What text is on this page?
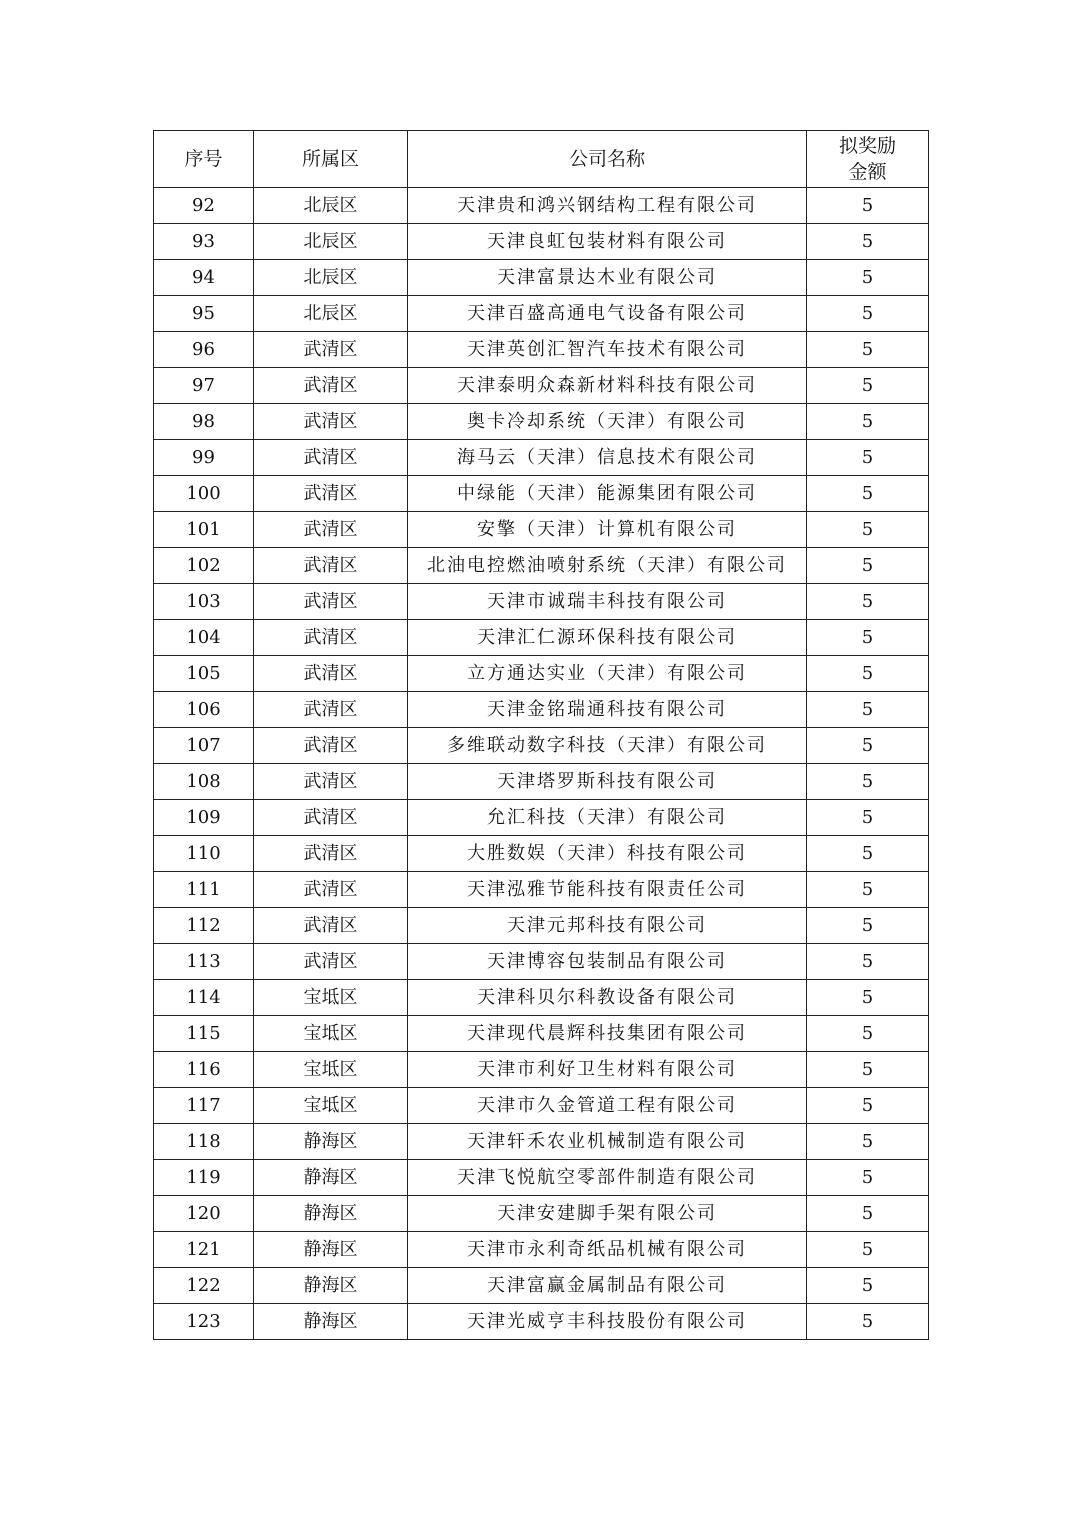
序号	所属区	公司名称	拟奖励
金额

92	北辰区	天津贵和鸿兴钢结构工程有限公司	5
93	北辰区	天津良虹包装材料有限公司	5
94	北辰区	天津富景达木业有限公司	5
95	北辰区	天津百盛高通电气设备有限公司	5
96	武清区	天津英创汇智汽车技术有限公司	5
97	武清区	天津泰明众森新材料科技有限公司	5
98	武清区	奥卡冷却系统（天津）有限公司	5
99	武清区	海马云（天津）信息技术有限公司	5
100	武清区	中绿能（天津）能源集团有限公司	5
101	武清区	安擎（天津）计算机有限公司	5
102	武清区	北油电控燃油喷射系统（天津）有限公司	5
103	武清区	天津市诚瑞丰科技有限公司	5
104	武清区	天津汇仁源环保科技有限公司	5
105	武清区	立方通达实业（天津）有限公司	5
106	武清区	天津金铭瑞通科技有限公司	5
107	武清区	多维联动数字科技（天津）有限公司	5
108	武清区	天津塔罗斯科技有限公司	5
109	武清区	允汇科技（天津）有限公司	5
110	武清区	大胜数娱（天津）科技有限公司	5
111	武清区	天津泓雅节能科技有限责任公司	5
112	武清区	天津元邦科技有限公司	5
113	武清区	天津博容包装制品有限公司	5
114	宝坻区	天津科贝尔科教设备有限公司	5
115	宝坻区	天津现代晨辉科技集团有限公司	5
116	宝坻区	天津市利好卫生材料有限公司	5
117	宝坻区	天津市久金管道工程有限公司	5
118	静海区	天津轩禾农业机械制造有限公司	5
119	静海区	天津飞悦航空零部件制造有限公司	5
120	静海区	天津安建脚手架有限公司	5
121	静海区	天津市永利奇纸品机械有限公司	5
122	静海区	天津富赢金属制品有限公司	5
123	静海区	天津光威亨丰科技股份有限公司	5
